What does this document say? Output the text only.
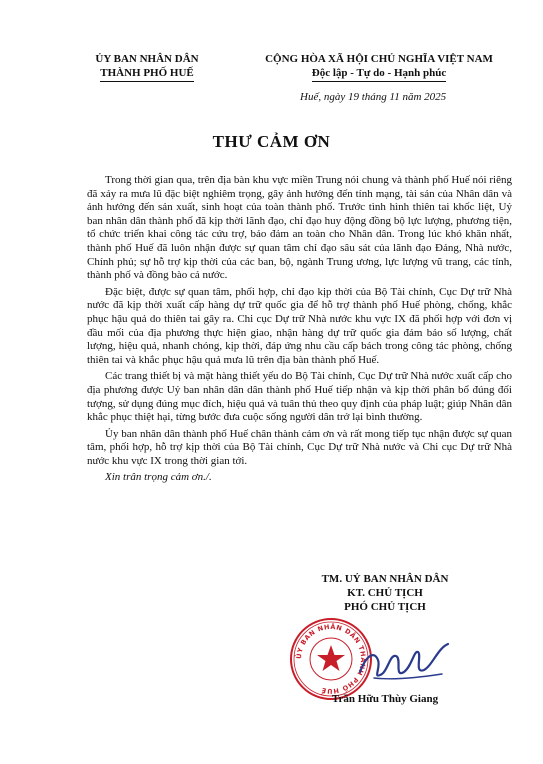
ỦY BAN NHÂN DÂN
THÀNH PHỐ HUẾ
CỘNG HÒA XÃ HỘI CHỦ NGHĨA VIỆT NAM
Độc lập - Tự do - Hạnh phúc
Huế, ngày 19 tháng 11 năm 2025
THƯ CẢM ƠN

Trong thời gian qua, trên địa bàn khu vực miền Trung nói chung và thành phố Huế nói riêng đã xảy ra mưa lũ đặc biệt nghiêm trọng, gây ảnh hưởng đến tính mạng, tài sản của Nhân dân và ảnh hưởng đến sản xuất, sinh hoạt của toàn thành phố. Trước tình hình thiên tai khốc liệt, Uỷ ban nhân dân thành phố đã kịp thời lãnh đạo, chỉ đạo huy động đồng bộ lực lượng, phương tiện, tổ chức triển khai công tác cứu trợ, bảo đảm an toàn cho Nhân dân. Trong lúc khó khăn nhất, thành phố Huế đã luôn nhận được sự quan tâm chỉ đạo sâu sát của lãnh đạo Đảng, Nhà nước, Chính phủ; sự hỗ trợ kịp thời của các ban, bộ, ngành Trung ương, lực lượng vũ trang, các tỉnh, thành phố và đồng bào cả nước.

Đặc biệt, được sự quan tâm, phối hợp, chỉ đạo kịp thời của Bộ Tài chính, Cục Dự trữ Nhà nước đã kịp thời xuất cấp hàng dự trữ quốc gia để hỗ trợ thành phố Huế phòng, chống, khắc phục hậu quả do thiên tai gây ra. Chi cục Dự trữ Nhà nước khu vực IX đã phối hợp với đơn vị đầu mối của địa phương thực hiện giao, nhận hàng dự trữ quốc gia đảm bảo số lượng, chất lượng, hiệu quả, nhanh chóng, kịp thời, đáp ứng nhu cầu cấp bách trong công tác phòng, chống thiên tai và khắc phục hậu quả mưa lũ trên địa bàn thành phố Huế.

Các trang thiết bị và mặt hàng thiết yếu do Bộ Tài chính, Cục Dự trữ Nhà nước xuất cấp cho địa phương được Uỷ ban nhân dân dân thành phố Huế tiếp nhận và kịp thời phân bổ đúng đối tượng, sử dụng đúng mục đích, hiệu quả và tuân thủ theo quy định của pháp luật; giúp Nhân dân khắc phục thiệt hại, từng bước đưa cuộc sống người dân trở lại bình thường.

Ủy ban nhân dân thành phố Huế chân thành cảm ơn và rất mong tiếp tục nhận được sự quan tâm, phối hợp, hỗ trợ kịp thời của Bộ Tài chính, Cục Dự trữ Nhà nước và Chi cục Dự trữ Nhà nước khu vực IX trong thời gian tới.

Xin trân trọng cảm ơn./.

TM. UỶ BAN NHÂN DÂN
KT. CHỦ TỊCH
PHÓ CHỦ TỊCH
ỦY BAN NHÂN DÂN THÀNH PHỐ HUẾ
Trần Hữu Thùy Giang
